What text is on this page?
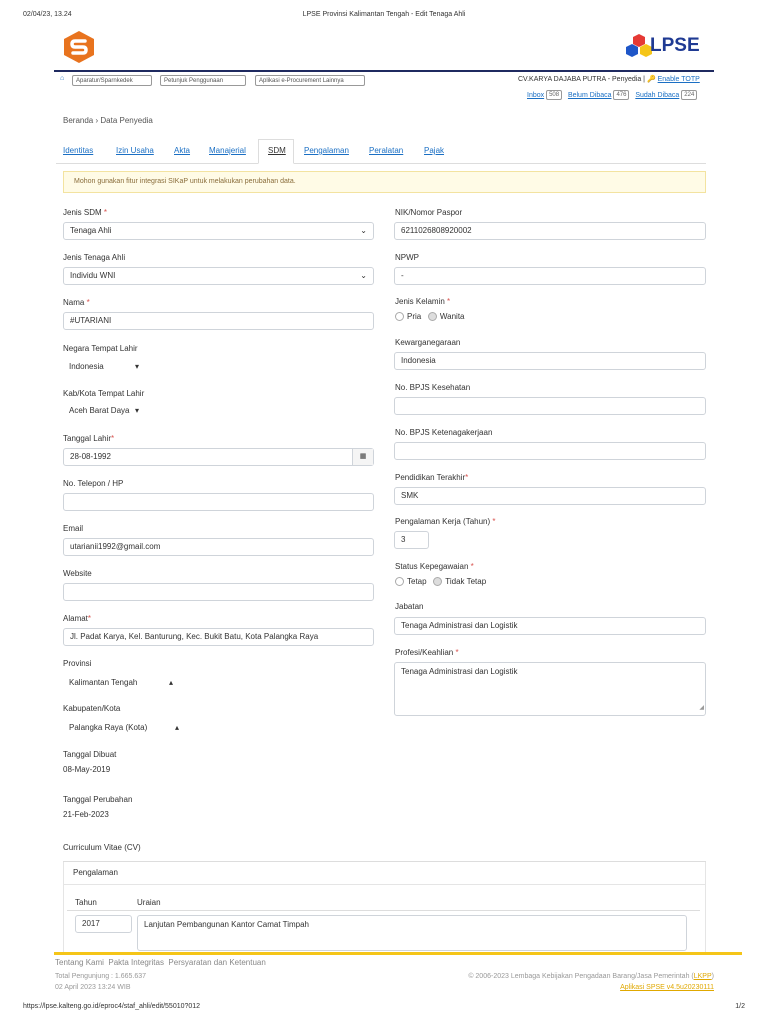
02/04/23, 13.24	LPSE Provinsi Kalimantan Tengah - Edit Tenaga Ahli
LPSE
⌂	Aparatur/Sparnkedek	Petunjuk Penggunaan	Aplikasi e-Procurement Lainnya	CV.KARYA DAJABA PUTRA - Penyedia | 🔑 Enable TOTP
Inbox 508 Belum Dibaca 476 Sudah Dibaca 224
Beranda › Data Penyedia
Identitas	Izin Usaha	Akta Manajerial	SDM Pengalaman	Peralatan	Pajak
Mohon gunakan fitur integrasi SIKaP untuk melakukan perubahan data.
Jenis SDM *
Tenaga Ahli	⌄
Jenis Tenaga Ahli
Individu WNI	⌄
Nama *
#UTARIANI
Negara Tempat Lahir
Indonesia	▾
Kab/Kota Tempat Lahir
Aceh Barat Daya ▾
Tanggal Lahir*
28-08-1992	▦
No. Telepon / HP
Email
utarianii1992@gmail.com
Website
Alamat*
Jl. Padat Karya, Kel. Banturung, Kec. Bukit Batu, Kota Palangka Raya
Provinsi
Kalimantan Tengah	▴
Kabupaten/Kota
Palangka Raya (Kota)	▴
Tanggal Dibuat
08-May-2019
Tanggal Perubahan
21-Feb-2023
NIK/Nomor Paspor
6211026808920002
NPWP
-
Jenis Kelamin *
Pria Wanita
Kewarganegaraan
Indonesia
No. BPJS Kesehatan
No. BPJS Ketenagakerjaan
Pendidikan Terakhir*
SMK
Pengalaman Kerja (Tahun) *
3
Status Kepegawaian *
Tetap Tidak Tetap
Jabatan
Tenaga Administrasi dan Logistik
Profesi/Keahlian *
Tenaga Administrasi dan Logistik
◢
Curriculum Vitae (CV)
Pengalaman
Tahun	Uraian
2017	Lanjutan Pembangunan Kantor Camat Timpah
Tentang Kami Pakta Integritas Persyaratan dan Ketentuan
Total Pengunjung : 1.665.637
02 April 2023 13:24 WIB
© 2006-2023 Lembaga Kebijakan Pengadaan Barang/Jasa Pemerintah (LKPP)
Aplikasi SPSE v4.5u20230111
https://lpse.kalteng.go.id/eproc4/staf_ahli/edit/55010?012	1/2
